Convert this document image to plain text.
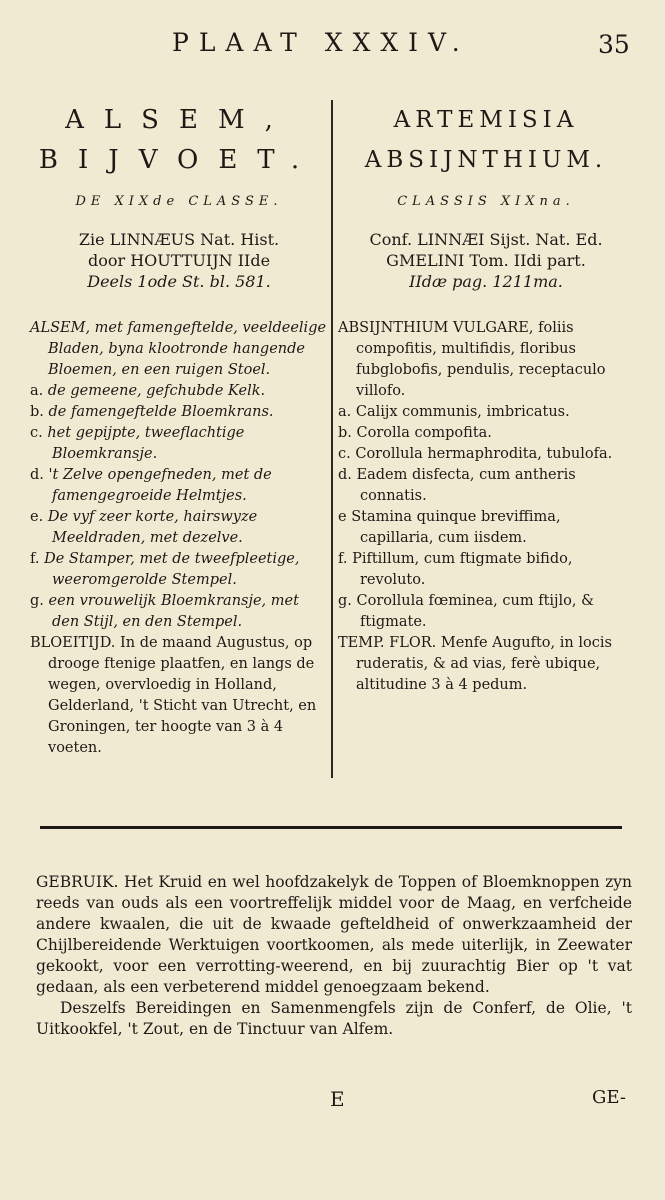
PLAAT XXXIV.	35
ALSEM,
BIJVOET.
DE XIXde CLASSE.
Zie LINNÆUS Nat. Hist.
door HOUTTUIJN IIde
Deels 1ode St. bl. 581.

ALSEM, met famengeftelde, veeldeelige Bladen, byna klootronde hangende Bloemen, en een ruigen Stoel.

a. de gemeene, gefchubde Kelk.

b. de famengeftelde Bloemkrans.

c. het gepijpte, tweeflachtige Bloemkransje.

d. 't Zelve opengefneden, met de famengegroeide Helmtjes.

e. De vyf zeer korte, hairswyze Meeldraden, met dezelve.

f. De Stamper, met de tweefpleetige, weeromgerolde Stempel.

g. een vrouwelijk Bloemkransje, met den Stijl, en den Stempel.

BLOEITIJD. In de maand Augustus, op drooge ftenige plaatfen, en langs de wegen, overvloedig in Holland, Gelderland, 't Sticht van Utrecht, en Groningen, ter hoogte van 3 à 4 voeten.

ARTEMISIA
ABSIJNTHIUM.
CLASSIS XIXna.
Conf. LINNÆI Sijst. Nat. Ed.
GMELINI Tom. IIdi part.
IIdæ pag. 1211ma.

ABSIJNTHIUM VULGARE, foliis compofitis, multifidis, floribus fubglobofis, pendulis, receptaculo villofo.

a. Calijx communis, imbricatus.

b. Corolla compofita.

c. Corollula hermaphrodita, tubulofa.

d. Eadem disfecta, cum antheris connatis.

e Stamina quinque breviffima, capillaria, cum iisdem.

f. Piftillum, cum ftigmate bifido, revoluto.

g. Corollula fœminea, cum ftijlo, & ftigmate.

TEMP. FLOR. Menfe Augufto, in locis ruderatis, & ad vias, ferè ubique, altitudine 3 à 4 pedum.

GEBRUIK. Het Kruid en wel hoofdzakelyk de Toppen of Bloemknoppen zyn reeds van ouds als een voortreffelijk middel voor de Maag, en verfcheide andere kwaalen, die uit de kwaade gefteldheid of onwerkzaamheid der Chijlbereidende Werktuigen voortkoomen, als mede uiterlijk, in Zeewater gekookt, voor een verrotting-weerend, en bij zuurachtig Bier op 't vat gedaan, als een verbeterend middel genoegzaam bekend.

Deszelfs Bereidingen en Samenmengfels zijn de Conferf, de Olie, 't Uitkookfel, 't Zout, en de Tinctuur van Alfem.

E	GE-
